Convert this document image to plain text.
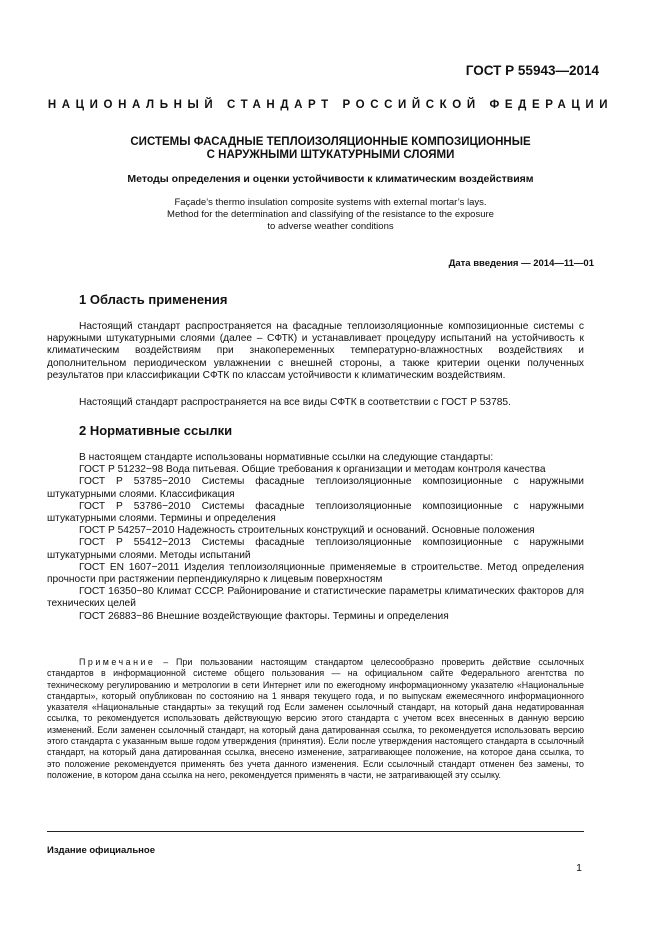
ГОСТ Р 55943—2014
НАЦИОНАЛЬНЫЙ СТАНДАРТ РОССИЙСКОЙ ФЕДЕРАЦИИ
СИСТЕМЫ ФАСАДНЫЕ ТЕПЛОИЗОЛЯЦИОННЫЕ КОМПОЗИЦИОННЫЕ
С НАРУЖНЫМИ ШТУКАТУРНЫМИ СЛОЯМИ
Методы определения и оценки устойчивости к климатическим воздействиям
Façade’s thermo insulation composite systems with external mortar’s lays.
Method for the determination and classifying of the resistance to the exposure
to adverse weather conditions
Дата введения — 2014—11—01
1 Область применения
Настоящий стандарт распространяется на фасадные теплоизоляционные композиционные системы с наружными штукатурными слоями (далее – СФТК) и устанавливает процедуру испытаний на устойчивость к климатическим воздействиям при знакопеременных температурно-влажностных воздействиях и дополнительном периодическом увлажнении с внешней стороны, а также критерии оценки полученных результатов при классификации СФТК по классам устойчивости к климатическим воздействиям.
Настоящий стандарт распространяется на все виды СФТК в соответствии с ГОСТ Р 53785.
2 Нормативные ссылки
В настоящем стандарте использованы нормативные ссылки на следующие стандарты:
ГОСТ Р 51232−98 Вода питьевая. Общие требования к организации и методам контроля качества
ГОСТ Р 53785−2010 Системы фасадные теплоизоляционные композиционные с наружными штукатурными слоями. Классификация
ГОСТ Р 53786−2010 Системы фасадные теплоизоляционные композиционные с наружными штукатурными слоями. Термины и определения
ГОСТ Р 54257−2010 Надежность строительных конструкций и оснований. Основные положения
ГОСТ Р 55412−2013 Системы фасадные теплоизоляционные композиционные с наружными штукатурными слоями. Методы испытаний
ГОСТ EN 1607−2011 Изделия теплоизоляционные применяемые в строительстве. Метод определения прочности при растяжении перпендикулярно к лицевым поверхностям
ГОСТ 16350−80 Климат СССР. Районирование и статистические параметры климатических факторов для технических целей
ГОСТ 26883−86 Внешние воздействующие факторы. Термины и определения
Примечание – При пользовании настоящим стандартом целесообразно проверить действие ссылочных стандартов в информационной системе общего пользования — на официальном сайте Федерального агентства по техническому регулированию и метрологии в сети Интернет или по ежегодному информационному указателю «Национальные стандарты», который опубликован по состоянию на 1 января текущего года, и по выпускам ежемесячного информационного указателя «Национальные стандарты» за текущий год Если заменен ссылочный стандарт, на который дана недатированная ссылка, то рекомендуется использовать действующую версию этого стандарта с учетом всех внесенных в данную версию изменений. Если заменен ссылочный стандарт, на который дана датированная ссылка, то рекомендуется использовать версию этого стандарта с указанным выше годом утверждения (принятия). Если после утверждения настоящего стандарта в ссылочный стандарт, на который дана датированная ссылка, внесено изменение, затрагивающее положение, на которое дана ссылка, то это положение рекомендуется применять без учета данного изменения. Если ссылочный стандарт отменен без замены, то положение, в котором дана ссылка на него, рекомендуется применять в части, не затрагивающей эту ссылку.
Издание официальное
1
